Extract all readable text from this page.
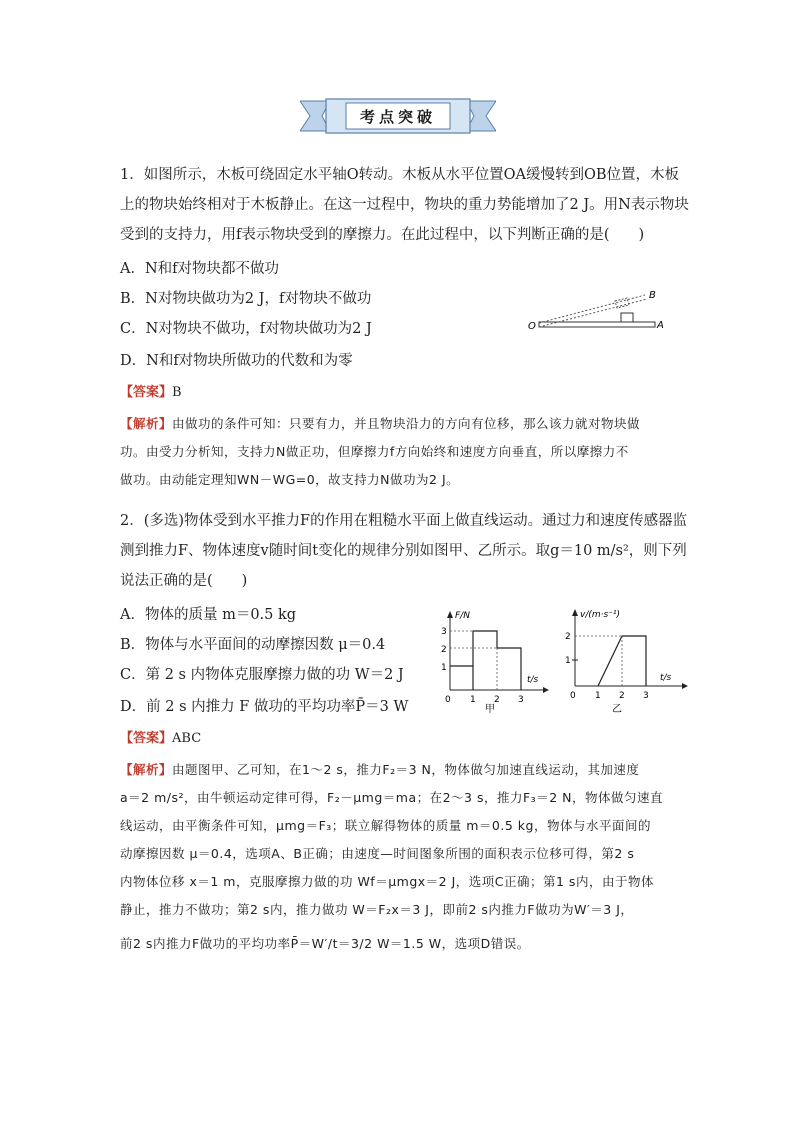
考点突破
1．如图所示，木板可绕固定水平轴O转动。木板从水平位置OA缓慢转到OB位置，木板
上的物块始终相对于木板静止。在这一过程中，物块的重力势能增加了2 J。用N表示物块
受到的支持力，用f表示物块受到的摩擦力。在此过程中，以下判断正确的是(　　)
A．N和f对物块都不做功
B．N对物块做功为2 J，f对物块不做功
C．N对物块不做功，f对物块做功为2 J
D．N和f对物块所做功的代数和为零
O	A
B
【答案】B
【解析】由做功的条件可知：只要有力，并且物块沿力的方向有位移，那么该力就对物块做
功。由受力分析知，支持力N做正功，但摩擦力f方向始终和速度方向垂直，所以摩擦力不
做功。由动能定理知WN－WG=0，故支持力N做功为2 J。
2．(多选)物体受到水平推力F的作用在粗糙水平面上做直线运动。通过力和速度传感器监
测到推力F、物体速度v随时间t变化的规律分别如图甲、乙所示。取g＝10 m/s²，则下列
说法正确的是(　　)
A．物体的质量 m＝0.5 kg
B．物体与水平面间的动摩擦因数 μ＝0.4
C．第 2 s 内物体克服摩擦力做的功 W＝2 J
D．前 2 s 内推力 F 做功的平均功率P̄＝3 W
F/N
t/s
1
2
3
0 1 2 3
甲
v/(m·s⁻¹)
t/s
1
2
0 1 2 3
乙
【答案】ABC
【解析】由题图甲、乙可知，在1～2 s，推力F₂＝3 N，物体做匀加速直线运动，其加速度
a＝2 m/s²，由牛顿运动定律可得，F₂－μmg＝ma；在2～3 s，推力F₃＝2 N，物体做匀速直
线运动，由平衡条件可知，μmg＝F₃；联立解得物体的质量 m＝0.5 kg，物体与水平面间的
动摩擦因数 μ＝0.4，选项A、B正确；由速度—时间图象所围的面积表示位移可得，第2 s
内物体位移 x＝1 m，克服摩擦力做的功 Wf＝μmgx＝2 J，选项C正确；第1 s内，由于物体
静止，推力不做功；第2 s内，推力做功 W＝F₂x＝3 J，即前2 s内推力F做功为W′＝3 J，
前2 s内推力F做功的平均功率P̄＝W′/t＝3/2 W＝1.5 W，选项D错误。
